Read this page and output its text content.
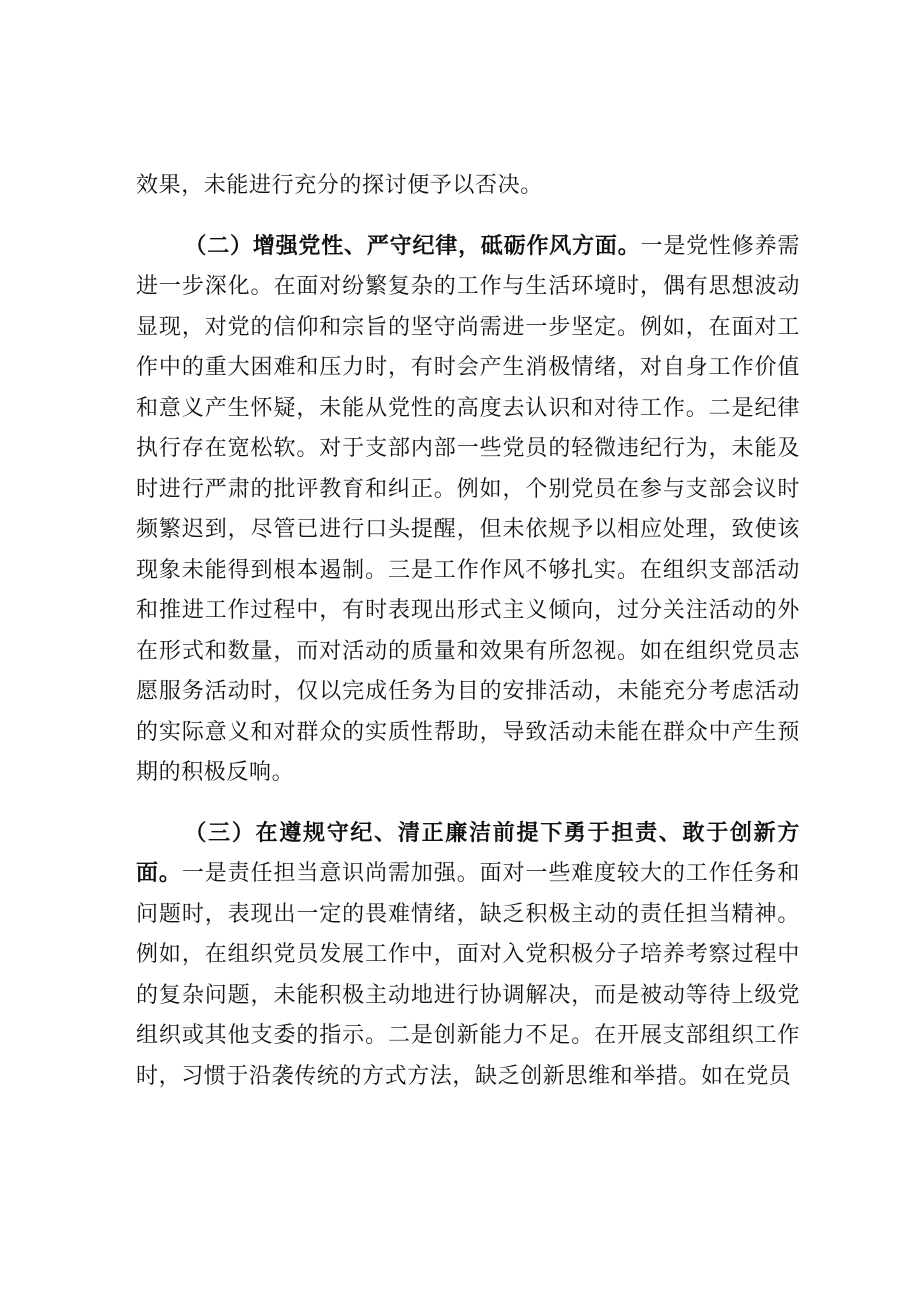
效果，未能进行充分的探讨便予以否决。

（二）增强党性、严守纪律，砥砺作风方面。一是党性修养需进一步深化。在面对纷繁复杂的工作与生活环境时，偶有思想波动显现，对党的信仰和宗旨的坚守尚需进一步坚定。例如，在面对工作中的重大困难和压力时，有时会产生消极情绪，对自身工作价值和意义产生怀疑，未能从党性的高度去认识和对待工作。二是纪律执行存在宽松软。对于支部内部一些党员的轻微违纪行为，未能及时进行严肃的批评教育和纠正。例如，个别党员在参与支部会议时频繁迟到，尽管已进行口头提醒，但未依规予以相应处理，致使该现象未能得到根本遏制。三是工作作风不够扎实。在组织支部活动和推进工作过程中，有时表现出形式主义倾向，过分关注活动的外在形式和数量，而对活动的质量和效果有所忽视。如在组织党员志愿服务活动时，仅以完成任务为目的安排活动，未能充分考虑活动的实际意义和对群众的实质性帮助，导致活动未能在群众中产生预期的积极反响。

（三）在遵规守纪、清正廉洁前提下勇于担责、敢于创新方面。一是责任担当意识尚需加强。面对一些难度较大的工作任务和问题时，表现出一定的畏难情绪，缺乏积极主动的责任担当精神。例如，在组织党员发展工作中，面对入党积极分子培养考察过程中的复杂问题，未能积极主动地进行协调解决，而是被动等待上级党组织或其他支委的指示。二是创新能力不足。在开展支部组织工作时，习惯于沿袭传统的方式方法，缺乏创新思维和举措。如在党员
